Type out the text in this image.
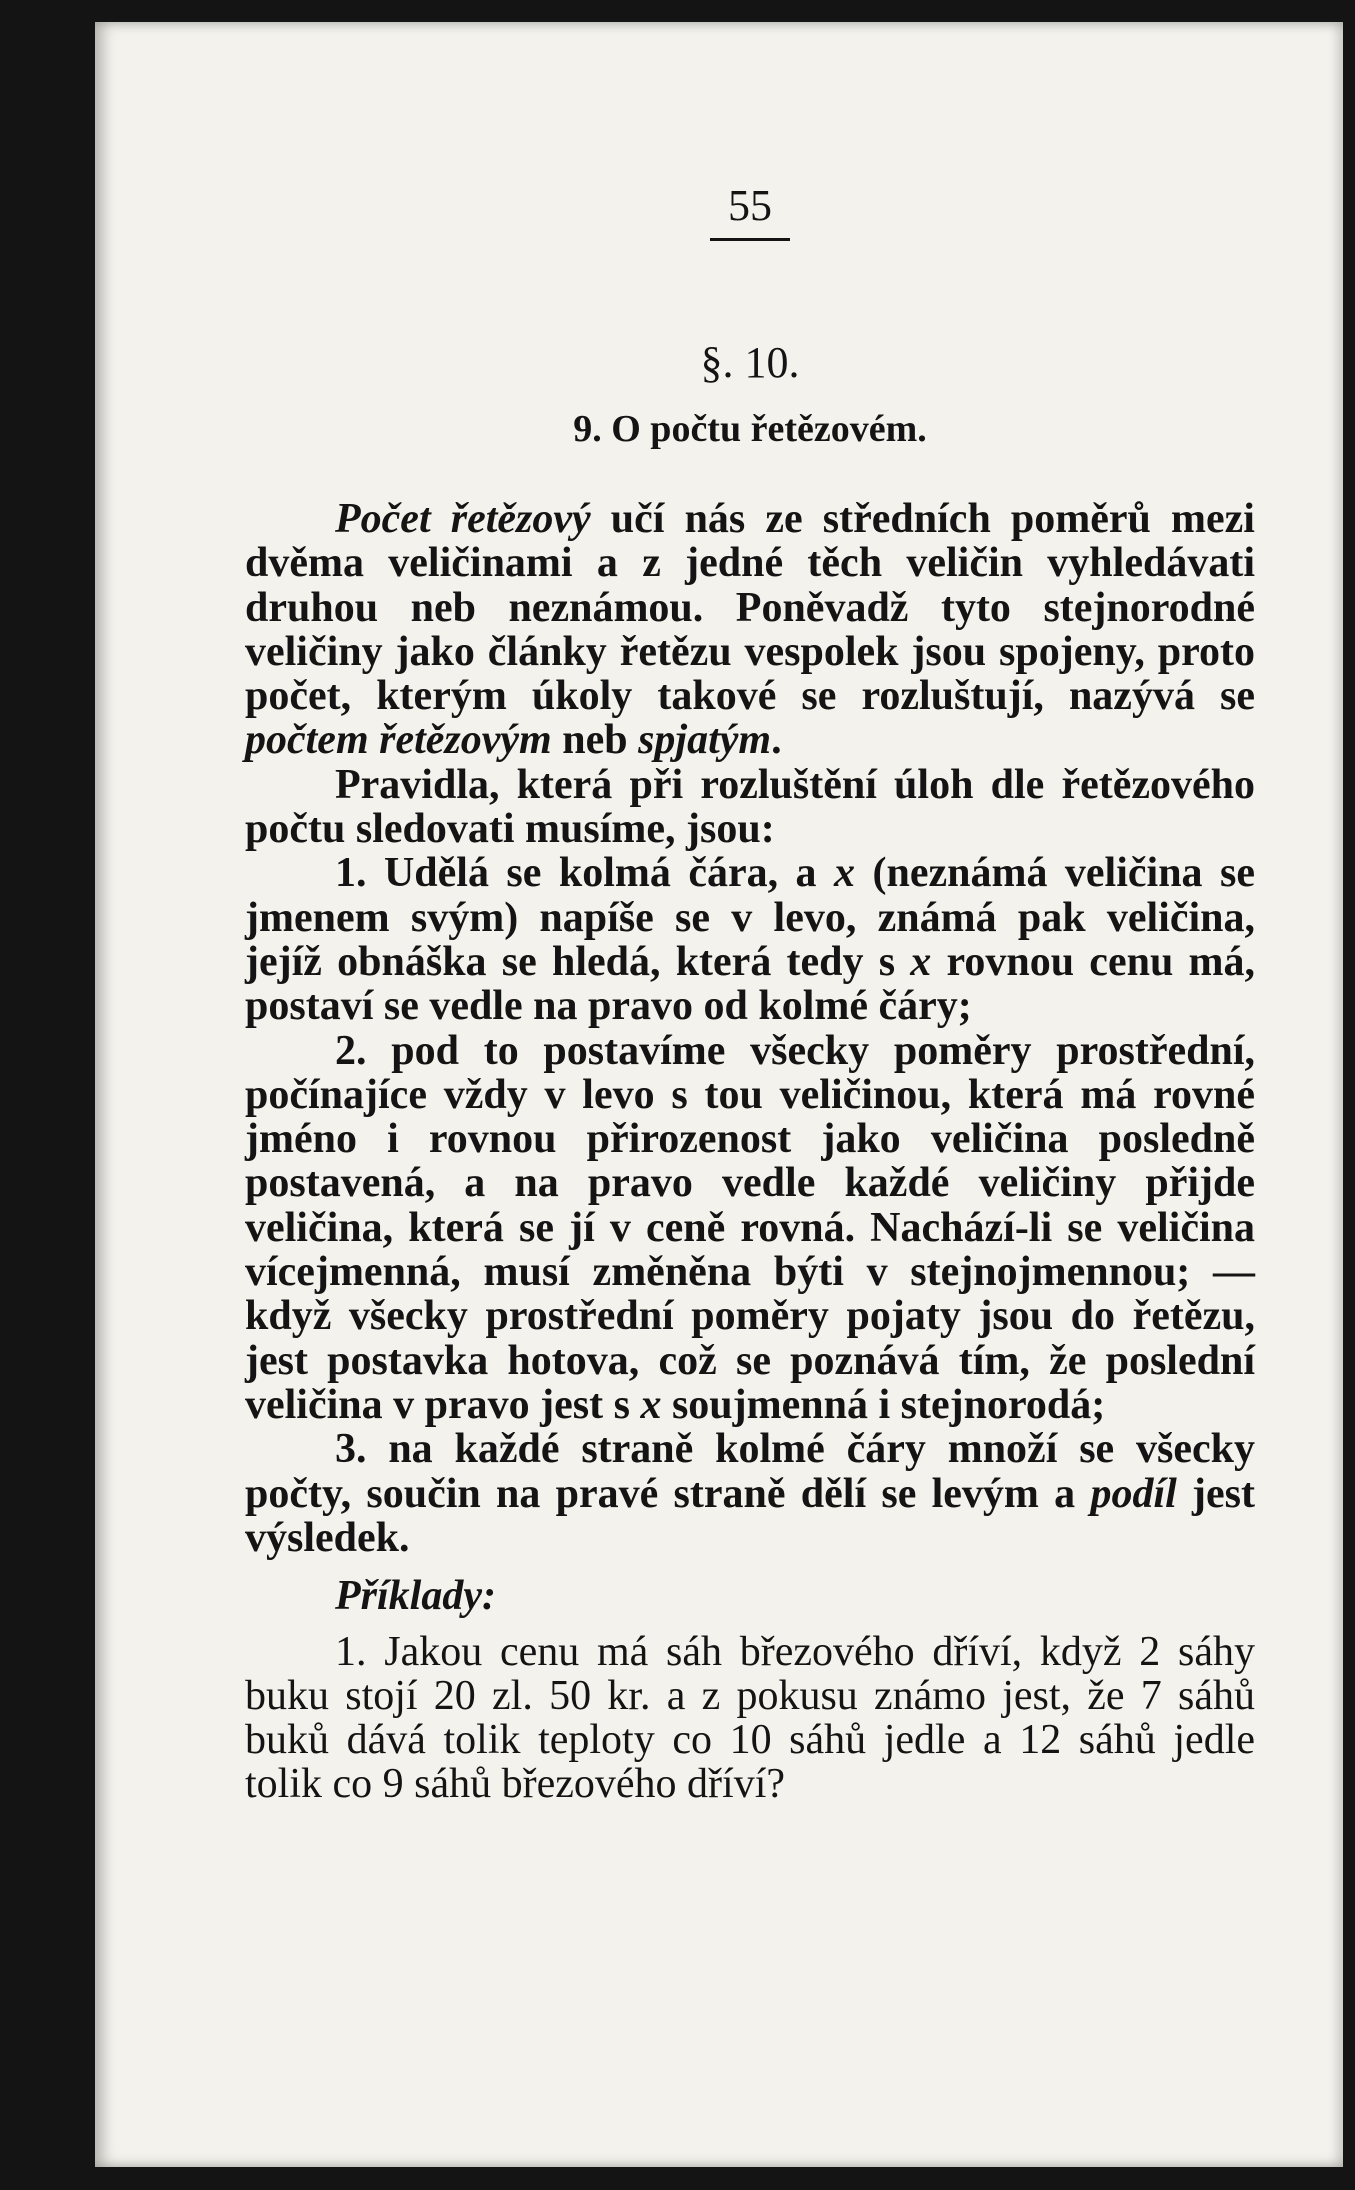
55
§. 10.
9. O počtu řetězovém.
Počet řetězový učí nás ze středních poměrů mezi dvěma veličinami a z jedné těch veličin vyhledávati druhou neb neznámou. Poněvadž tyto stejnorodné veličiny jako články řetězu vespolek jsou spojeny, proto počet, kterým úkoly takové se rozluštují, nazývá se počtem řetězovým neb spjatým.
Pravidla, která při rozluštění úloh dle řetězového počtu sledovati musíme, jsou:
1. Udělá se kolmá čára, a x (neznámá veličina se jmenem svým) napíše se v levo, známá pak veličina, jejíž obnáška se hledá, která tedy s x rovnou cenu má, postaví se vedle na pravo od kolmé čáry;
2. pod to postavíme všecky poměry prostřední, počínajíce vždy v levo s tou veličinou, která má rovné jméno i rovnou přirozenost jako veličina posledně postavená, a na pravo vedle každé veličiny přijde veličina, která se jí v ceně rovná. Nachází-li se veličina vícejmenná, musí změněna býti v stejnojmennou; — když všecky prostřední poměry pojaty jsou do řetězu, jest postavka hotova, což se poznává tím, že poslední veličina v pravo jest s x soujmenná i stejnorodá;
3. na každé straně kolmé čáry množí se všecky počty, součin na pravé straně dělí se levým a podíl jest výsledek.
Příklady:
1. Jakou cenu má sáh březového dříví, když 2 sáhy buku stojí 20 zl. 50 kr. a z pokusu známo jest, že 7 sáhů buků dává tolik teploty co 10 sáhů jedle a 12 sáhů jedle tolik co 9 sáhů březového dříví?
